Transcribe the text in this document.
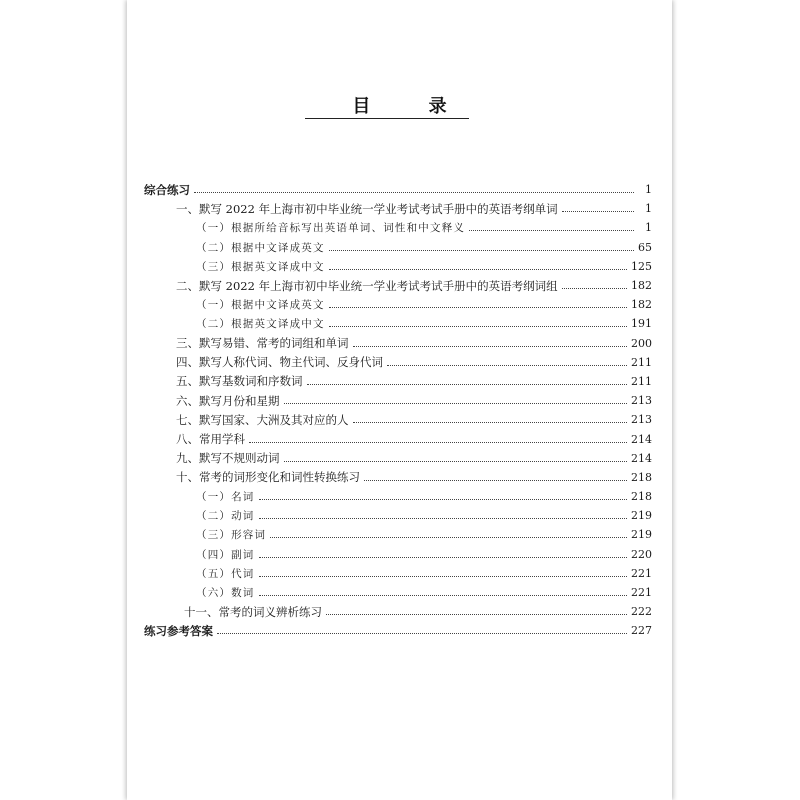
目 录
综合练习	1
一、默写 2022 年上海市初中毕业统一学业考试考试手册中的英语考纲单词	1
（一）根据所给音标写出英语单词、词性和中文释义	1
（二）根据中文译成英文	65
（三）根据英文译成中文	125
二、默写 2022 年上海市初中毕业统一学业考试考试手册中的英语考纲词组	182
（一）根据中文译成英文	182
（二）根据英文译成中文	191
三、默写易错、常考的词组和单词	200
四、默写人称代词、物主代词、反身代词	211
五、默写基数词和序数词	211
六、默写月份和星期	213
七、默写国家、大洲及其对应的人	213
八、常用学科	214
九、默写不规则动词	214
十、常考的词形变化和词性转换练习	218
（一）名词	218
（二）动词	219
（三）形容词	219
（四）副词	220
（五）代词	221
（六）数词	221
十一、常考的词义辨析练习	222
练习参考答案	227
